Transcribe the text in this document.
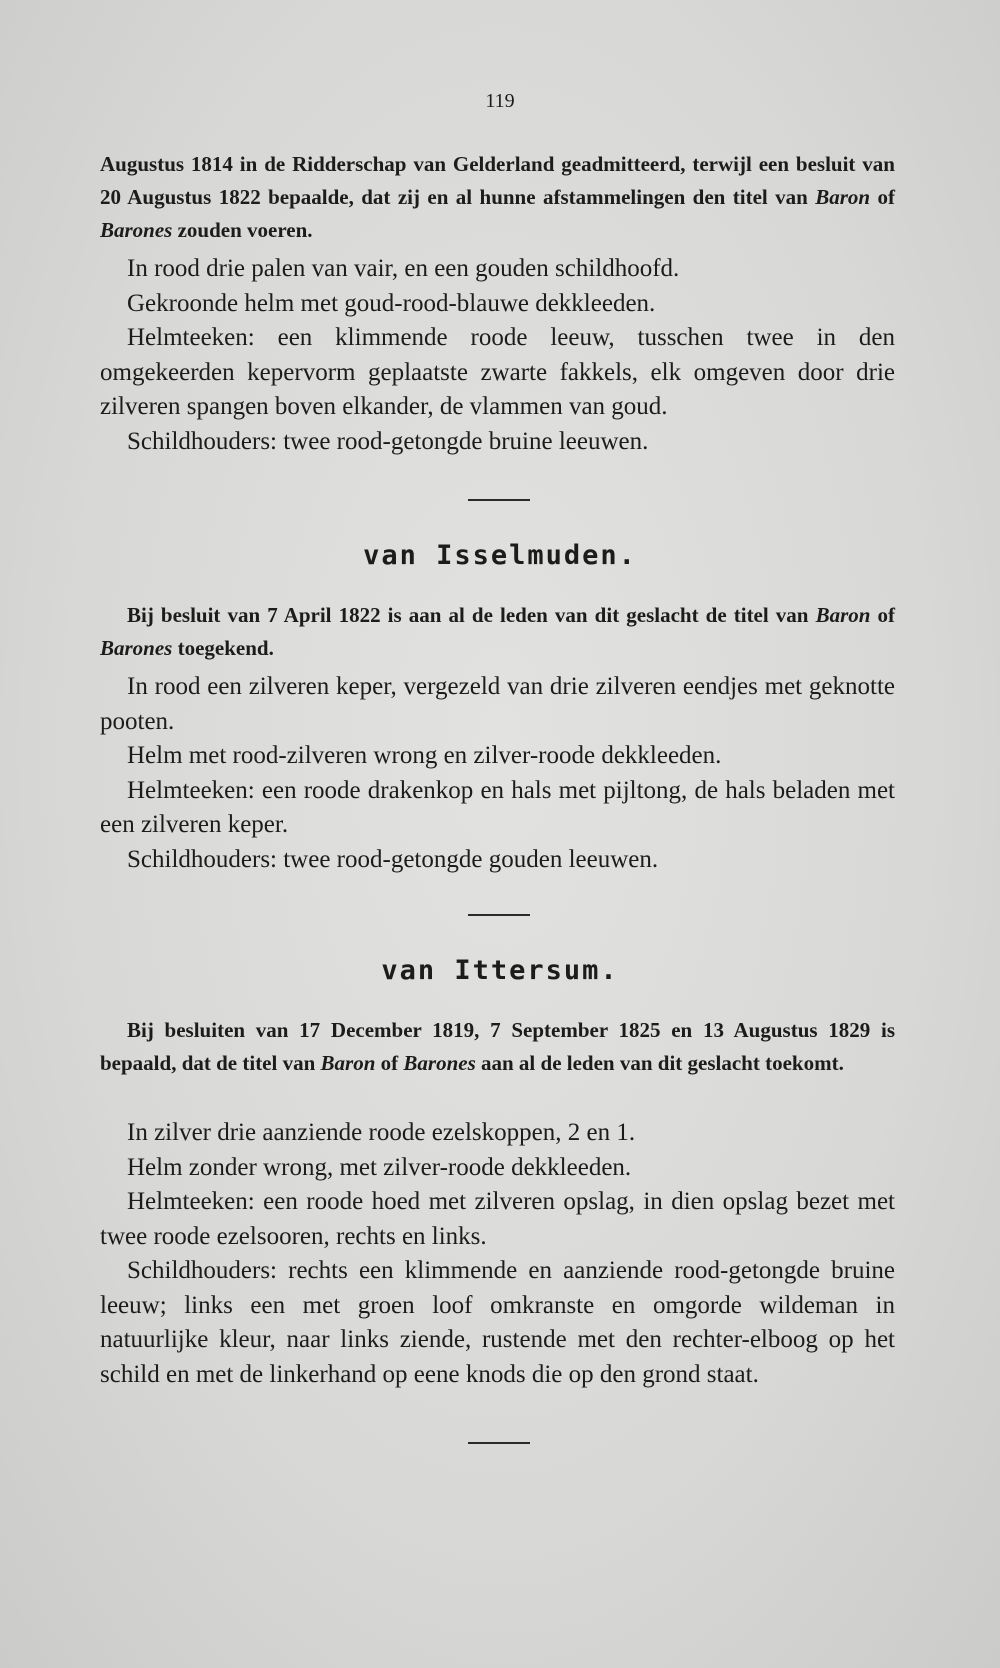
119

Augustus 1814 in de Ridderschap van Gelderland geadmitteerd, terwijl een besluit van 20 Augustus 1822 bepaalde, dat zij en al hunne afstammelingen den titel van Baron of Barones zouden voeren.

In rood drie palen van vair, en een gouden schildhoofd.

Gekroonde helm met goud-rood-blauwe dekkleeden.

Helmteeken: een klimmende roode leeuw, tusschen twee in den omgekeerden kepervorm geplaatste zwarte fakkels, elk omgeven door drie zilveren spangen boven elkander, de vlammen van goud.

Schildhouders: twee rood-getongde bruine leeuwen.

van Isselmuden.

Bij besluit van 7 April 1822 is aan al de leden van dit geslacht de titel van Baron of Barones toegekend.

In rood een zilveren keper, vergezeld van drie zilveren eendjes met geknotte pooten.

Helm met rood-zilveren wrong en zilver-roode dekkleeden.

Helmteeken: een roode drakenkop en hals met pijltong, de hals beladen met een zilveren keper.

Schildhouders: twee rood-getongde gouden leeuwen.

van Ittersum.

Bij besluiten van 17 December 1819, 7 September 1825 en 13 Augustus 1829 is bepaald, dat de titel van Baron of Barones aan al de leden van dit geslacht toekomt.

In zilver drie aanziende roode ezelskoppen, 2 en 1.

Helm zonder wrong, met zilver-roode dekkleeden.

Helmteeken: een roode hoed met zilveren opslag, in dien opslag bezet met twee roode ezelsooren, rechts en links.

Schildhouders: rechts een klimmende en aanziende rood-getongde bruine leeuw; links een met groen loof omkranste en omgorde wildeman in natuurlijke kleur, naar links ziende, rustende met den rechter-elboog op het schild en met de linkerhand op eene knods die op den grond staat.
